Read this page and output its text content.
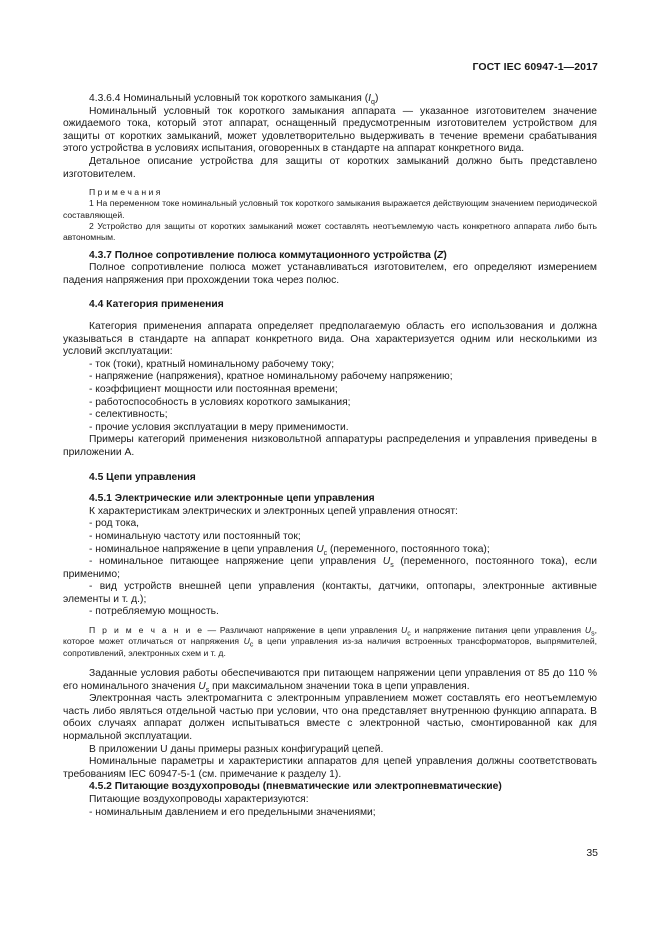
ГОСТ IEC 60947-1—2017

4.3.6.4 Номинальный условный ток короткого замыкания $(I_q)$

Номинальный условный ток короткого замыкания аппарата — указанное изготовителем значение ожидаемого тока, который этот аппарат, оснащенный предусмотренным изготовителем устройством для защиты от коротких замыканий, может удовлетворительно выдерживать в течение времени срабатывания этого устройства в условиях испытания, оговоренных в стандарте на аппарат конкретного вида.

Детальное описание устройства для защиты от коротких замыканий должно быть представлено изготовителем.

П р и м е ч а н и я

1 На переменном токе номинальный условный ток короткого замыкания выражается действующим значением периодической составляющей.

2 Устройство для защиты от коротких замыканий может составлять неотъемлемую часть конкретного аппарата либо быть автономным.

4.3.7 Полное сопротивление полюса коммутационного устройства (Z)

Полное сопротивление полюса может устанавливаться изготовителем, его определяют измерением падения напряжения при прохождении тока через полюс.

4.4 Категория применения

Категория применения аппарата определяет предполагаемую область его использования и должна указываться в стандарте на аппарат конкретного вида. Она характеризуется одним или несколькими из условий эксплуатации:

- ток (токи), кратный номинальному рабочему току;

- напряжение (напряжения), кратное номинальному рабочему напряжению;

- коэффициент мощности или постоянная времени;

- работоспособность в условиях короткого замыкания;

- селективность;

- прочие условия эксплуатации в меру применимости.

Примеры категорий применения низковольтной аппаратуры распределения и управления приведены в приложении А.

4.5 Цепи управления

4.5.1 Электрические или электронные цепи управления

К характеристикам электрических и электронных цепей управления относят:

- род тока,

- номинальную частоту или постоянный ток;

- номинальное напряжение в цепи управления $U_c$ (переменного, постоянного тока);

- номинальное питающее напряжение цепи управления $U_s$ (переменного, постоянного тока), если применимо;

- вид устройств внешней цепи управления (контакты, датчики, оптопары, электронные активные элементы и т. д.);

- потребляемую мощность.

П р и м е ч а н и е — Различают напряжение в цепи управления $U_c$ и напряжение питания цепи управления $U_s$, которое может отличаться от напряжения $U_c$ в цепи управления из-за наличия встроенных трансформаторов, выпрямителей, сопротивлений, электронных схем и т. д.

Заданные условия работы обеспечиваются при питающем напряжении цепи управления от 85 до 110 % его номинального значения $U_s$ при максимальном значении тока в цепи управления.

Электронная часть электромагнита с электронным управлением может составлять его неотъемлемую часть либо являться отдельной частью при условии, что она представляет внутреннюю функцию аппарата. В обоих случаях аппарат должен испытываться вместе с электронной частью, смонтированной как для нормальной эксплуатации.

В приложении U даны примеры разных конфигураций цепей.

Номинальные параметры и характеристики аппаратов для цепей управления должны соответствовать требованиям IEC 60947-5-1 (см. примечание к разделу 1).

4.5.2 Питающие воздухопроводы (пневматические или электропневматические)

Питающие воздухопроводы характеризуются:

- номинальным давлением и его предельными значениями;

35
